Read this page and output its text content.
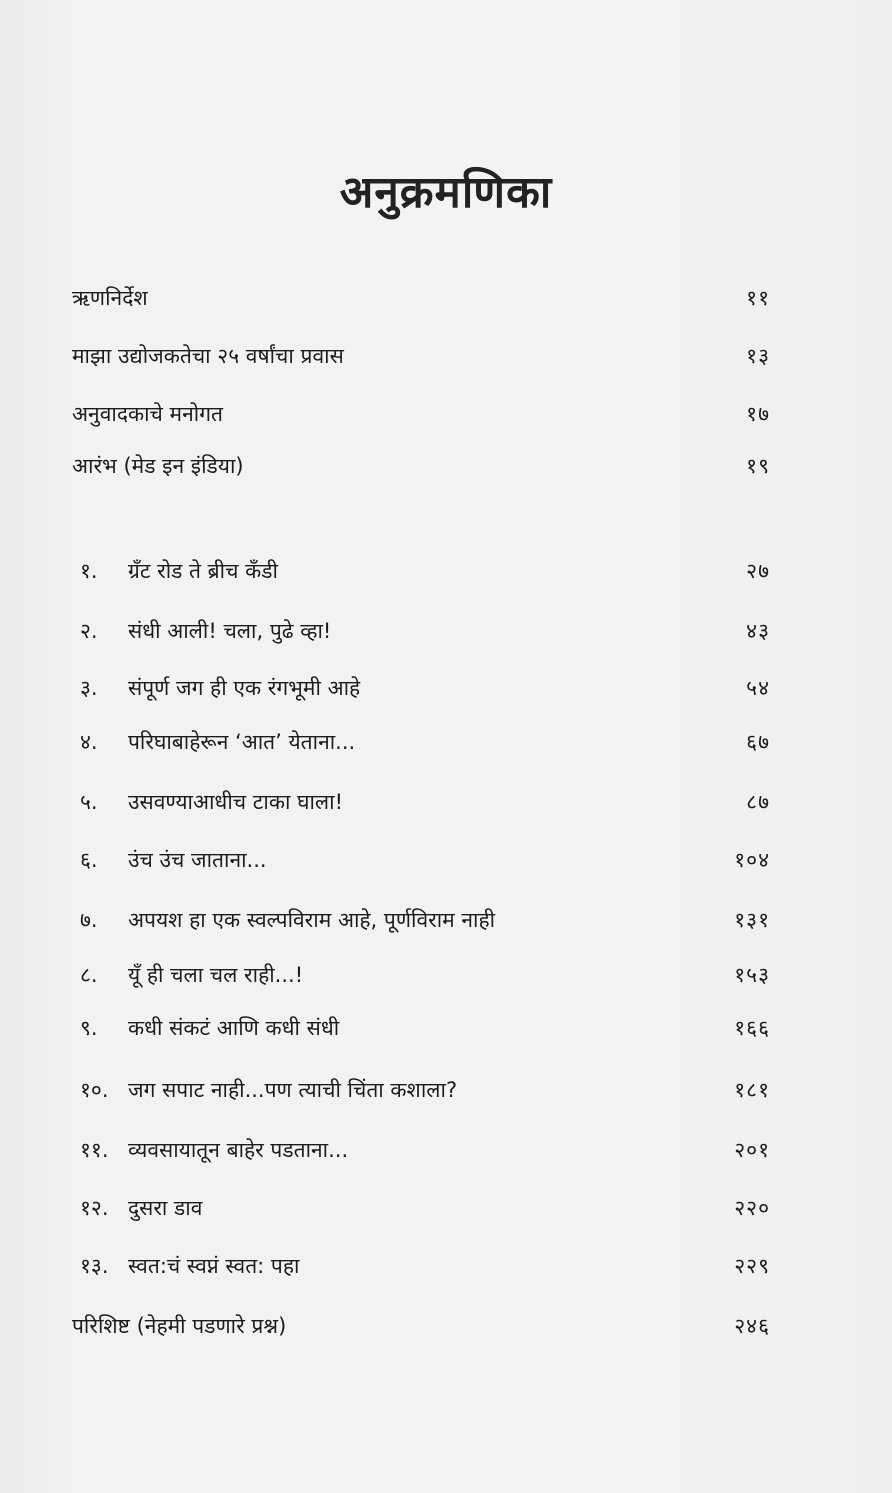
अनुक्रमणिका
ऋणनिर्देश	११
माझा उद्योजकतेचा २५ वर्षांचा प्रवास	१३
अनुवादकाचे मनोगत	१७
आरंभ (मेड इन इंडिया)	१९
१. ग्रँट रोड ते ब्रीच कँडी	२७
२. संधी आली! चला, पुढे व्हा!	४३
३. संपूर्ण जग ही एक रंगभूमी आहे	५४
४. परिघाबाहेरून ‘आत’ येताना...	६७
५. उसवण्याआधीच टाका घाला!	८७
६. उंच उंच जाताना...	१०४
७. अपयश हा एक स्वल्पविराम आहे, पूर्णविराम नाही	१३१
८. यूँ ही चला चल राही...!	१५३
९. कधी संकटं आणि कधी संधी	१६६
१०. जग सपाट नाही...पण त्याची चिंता कशाला?	१८१
११. व्यवसायातून बाहेर पडताना...	२०१
१२. दुसरा डाव	२२०
१३. स्वत:चं स्वप्नं स्वत: पहा	२२९
परिशिष्ट (नेहमी पडणारे प्रश्न)	२४६
